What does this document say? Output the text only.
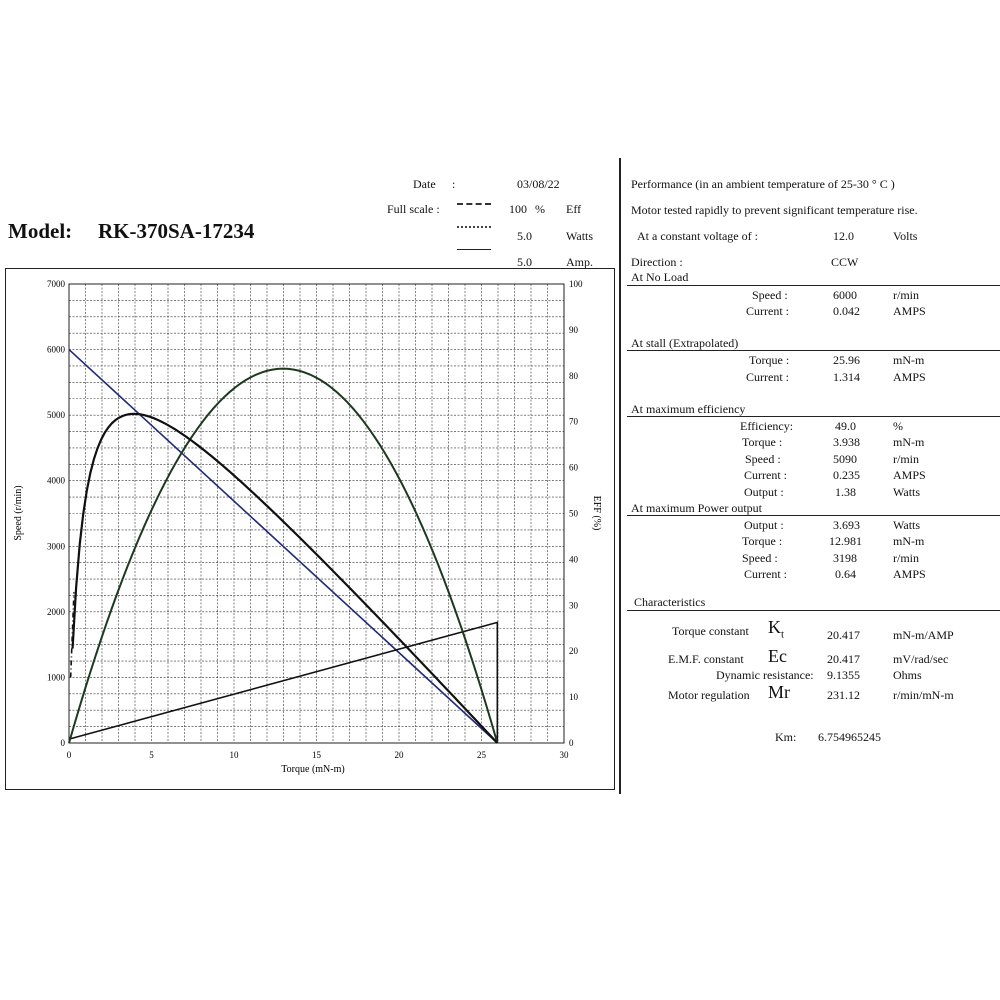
Model: RK-370SA-17234
Date :	03/08/22
Full scale :	100 % Eff
5.0	Watts
5.0	Amp.
Performance (in an ambient temperature of 25-30 ° C )
Motor tested rapidly to prevent significant temperature rise.
At a constant voltage of :	12.0	Volts
Direction :	CCW
At No Load
Speed :	6000	r/min
Current :	0.042	AMPS
At stall (Extrapolated)
Torque :	25.96	mN-m
Current :	1.314	AMPS
At maximum efficiency
Efficiency:	49.0	%
Torque :	3.938	mN-m
Speed :	5090	r/min
Current :	0.235	AMPS
Output :	1.38	Watts
At maximum Power output
Output :	3.693	Watts
Torque :	12.981	mN-m
Speed :	3198	r/min
Current :	0.64	AMPS
Characteristics
Torque constant $K_t$	20.417	mN-m/AMP
E.M.F. constant Ec	20.417	mV/rad/sec
Dynamic resistance: 9.1355	Ohms
Motor regulation Mr	231.12	r/min/mN-m
Km: 6.754965245
0	5	10	15	20	25	30
0
1000
2000
3000
4000
5000
6000
7000
0
10
20
30
40
50
60
70
80
90
100
Torque (mN-m)
Speed (r/min)	EFF (%)
